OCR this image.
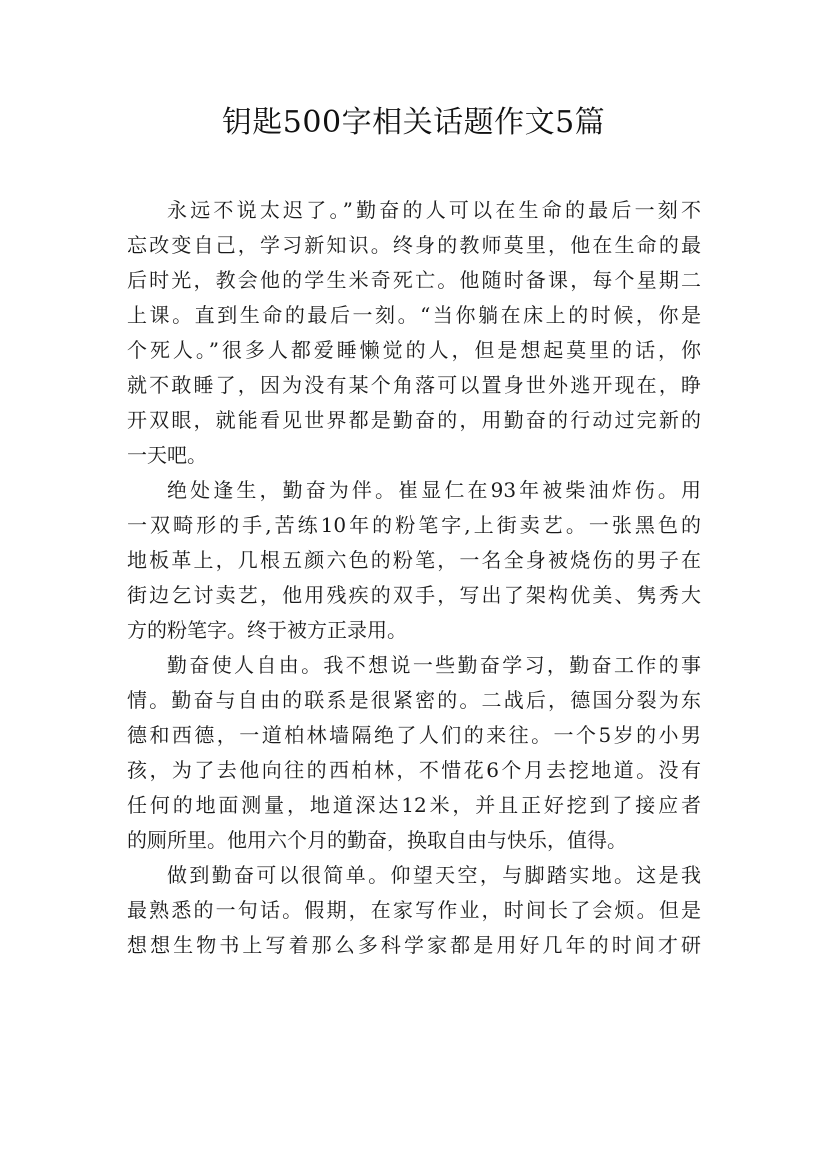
钥匙500字相关话题作文5篇
永远不说太迟了。”勤奋的人可以在生命的最后一刻不
忘改变自己，学习新知识。终身的教师莫里，他在生命的最
后时光，教会他的学生米奇死亡。他随时备课，每个星期二
上课。直到生命的最后一刻。“当你躺在床上的时候，你是
个死人。”很多人都爱睡懒觉的人，但是想起莫里的话，你
就不敢睡了，因为没有某个角落可以置身世外逃开现在，睁
开双眼，就能看见世界都是勤奋的，用勤奋的行动过完新的
一天吧。
绝处逢生，勤奋为伴。崔显仁在93年被柴油炸伤。用
一双畸形的手,苦练10年的粉笔字,上街卖艺。一张黑色的
地板革上，几根五颜六色的粉笔，一名全身被烧伤的男子在
街边乞讨卖艺，他用残疾的双手，写出了架构优美、隽秀大
方的粉笔字。终于被方正录用。
勤奋使人自由。我不想说一些勤奋学习，勤奋工作的事
情。勤奋与自由的联系是很紧密的。二战后，德国分裂为东
德和西德，一道柏林墙隔绝了人们的来往。一个5岁的小男
孩，为了去他向往的西柏林，不惜花6个月去挖地道。没有
任何的地面测量，地道深达12米，并且正好挖到了接应者
的厕所里。他用六个月的勤奋，换取自由与快乐，值得。
做到勤奋可以很简单。仰望天空，与脚踏实地。这是我
最熟悉的一句话。假期，在家写作业，时间长了会烦。但是
想想生物书上写着那么多科学家都是用好几年的时间才研
